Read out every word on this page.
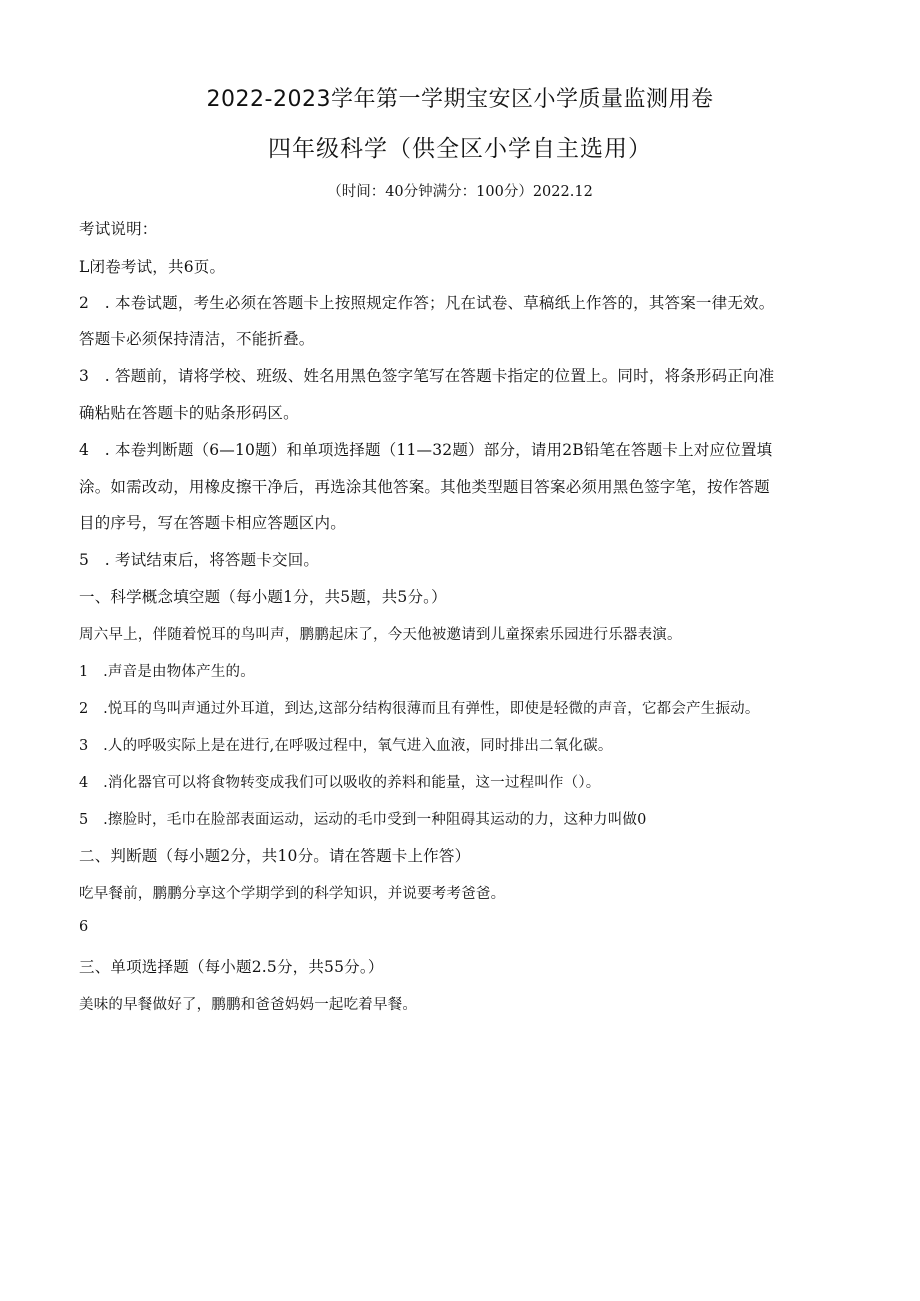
2022-2023学年第一学期宝安区小学质量监测用卷
四年级科学（供全区小学自主选用）
（时间：40分钟满分：100分）2022.12
考试说明：
L闭卷考试，共6页。
2　. 本卷试题，考生必须在答题卡上按照规定作答；凡在试卷、草稿纸上作答的，其答案一律无效。
答题卡必须保持清洁，不能折叠。
3　. 答题前，请将学校、班级、姓名用黑色签字笔写在答题卡指定的位置上。同时，将条形码正向准
确粘贴在答题卡的贴条形码区。
4　. 本卷判断题（6—10题）和单项选择题（11—32题）部分，请用2B铅笔在答题卡上对应位置填
涂。如需改动，用橡皮擦干净后，再选涂其他答案。其他类型题目答案必须用黑色签字笔，按作答题
目的序号，写在答题卡相应答题区内。
5　. 考试结束后，将答题卡交回。
一、科学概念填空题（每小题1分，共5题，共5分。）
周六早上，伴随着悦耳的鸟叫声，鹏鹏起床了，今天他被邀请到儿童探索乐园进行乐器表演。
1　.声音是由物体产生的。
2　.悦耳的鸟叫声通过外耳道，到达,这部分结构很薄而且有弹性，即使是轻微的声音，它都会产生振动。
3　.人的呼吸实际上是在进行,在呼吸过程中，氧气进入血液，同时排出二氧化碳。
4　.消化器官可以将食物转变成我们可以吸收的养料和能量，这一过程叫作（）。
5　.擦脸时，毛巾在脸部表面运动，运动的毛巾受到一种阻碍其运动的力，这种力叫做0
二、判断题（每小题2分，共10分。请在答题卡上作答）
吃早餐前，鹏鹏分享这个学期学到的科学知识，并说要考考爸爸。
6
三、单项选择题（每小题2.5分，共55分。）
美味的早餐做好了，鹏鹏和爸爸妈妈一起吃着早餐。
